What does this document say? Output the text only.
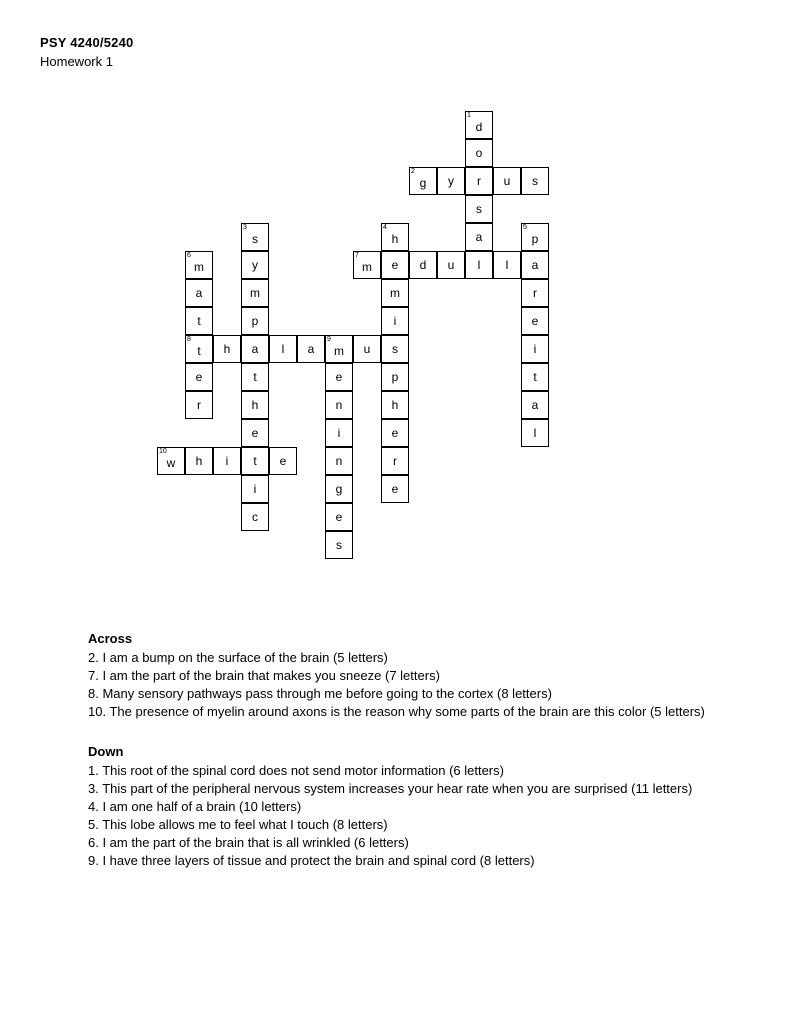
PSY 4240/5240
Homework 1
1
d
o
2
g	y	r	u	s
s
3
s
4
h	a
5
p
6
m	y
7
m	e	d	u	l	l	a
a	m	m	r
t	p	i	e
8
t	h	a	l	a
9
m	u	s	i
e	t	e	p	t
r	h	n	h	a
e	i	e	l
10
w	h	i	t	e	n	r
i	g	e
c	e
s
Across
2. I am a bump on the surface of the brain (5 letters)
7. I am the part of the brain that makes you sneeze (7 letters)
8. Many sensory pathways pass through me before going to the cortex (8 letters)
10. The presence of myelin around axons is the reason why some parts of the brain are this color (5 letters)
Down
1. This root of the spinal cord does not send motor information (6 letters)
3. This part of the peripheral nervous system increases your hear rate when you are surprised (11 letters)
4. I am one half of a brain (10 letters)
5. This lobe allows me to feel what I touch (8 letters)
6. I am the part of the brain that is all wrinkled (6 letters)
9. I have three layers of tissue and protect the brain and spinal cord (8 letters)
